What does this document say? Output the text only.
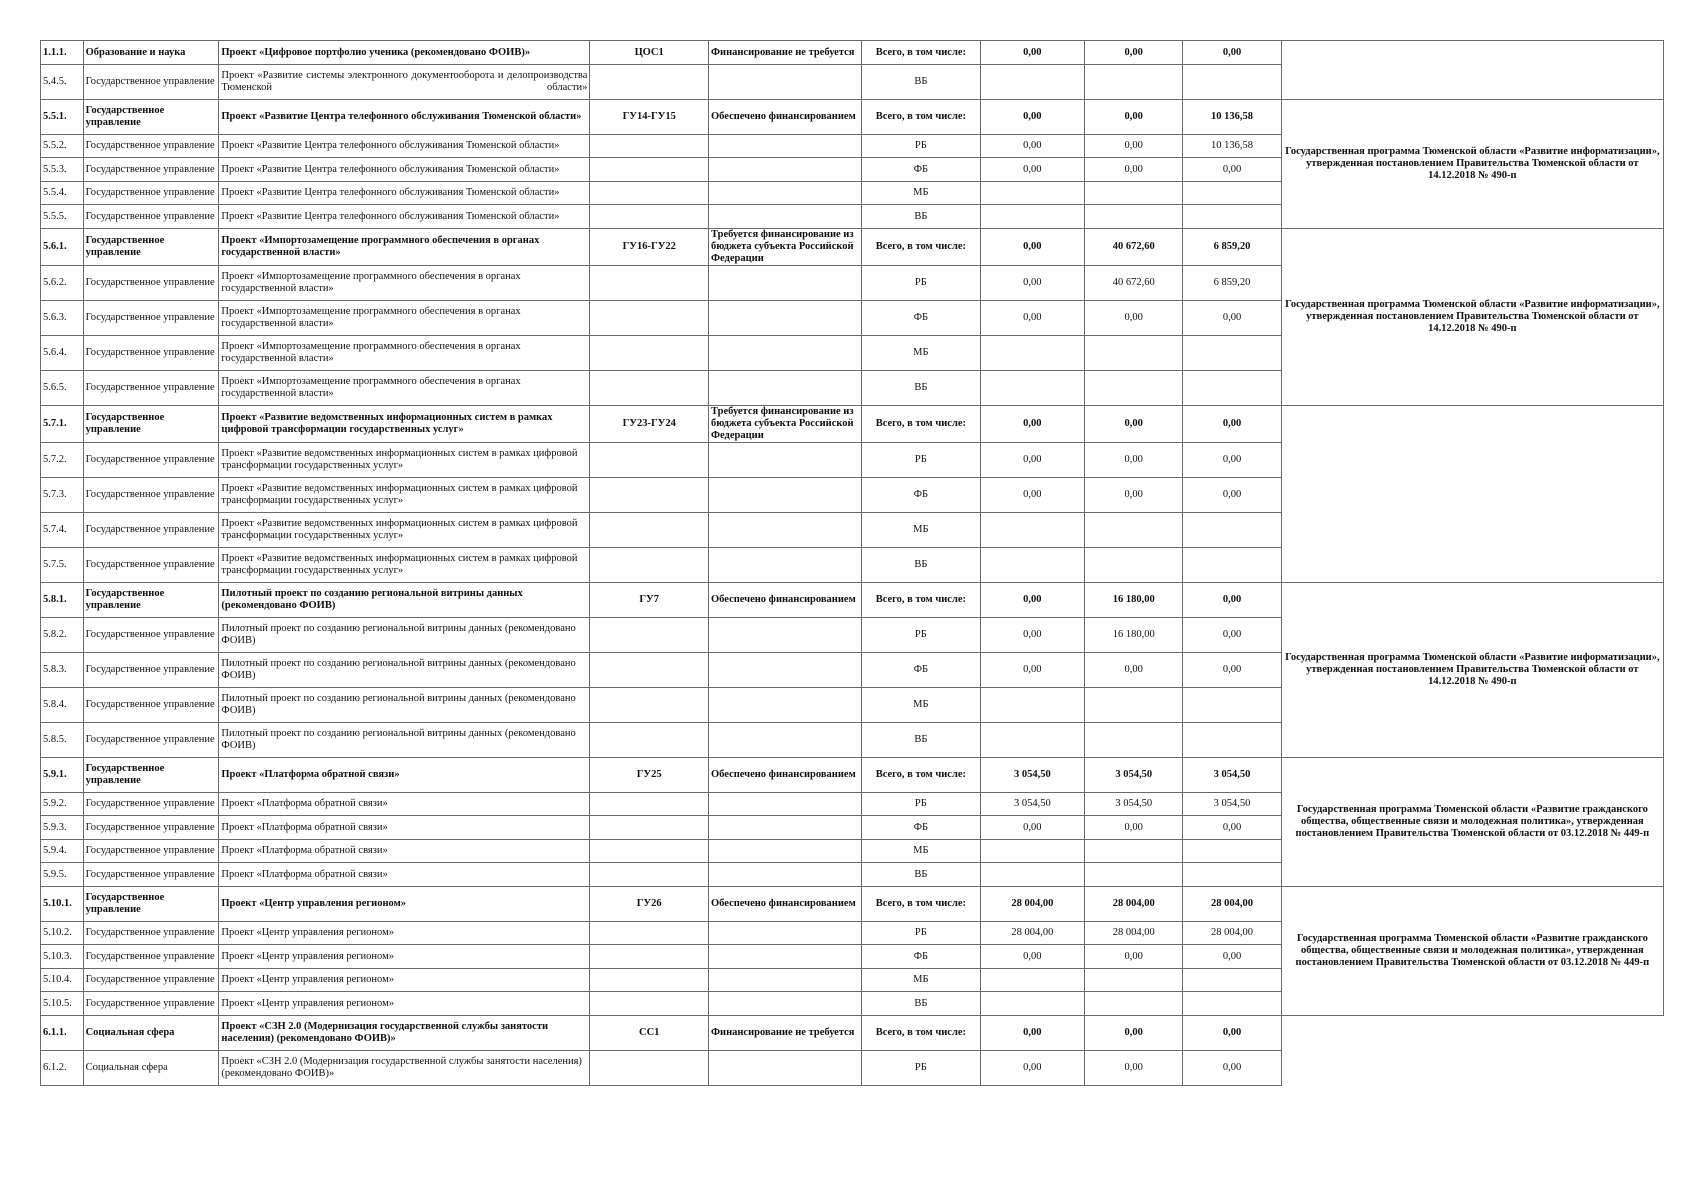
1.1.1.	Образование и наука	Проект «Цифровое портфолио ученика (рекомендовано ФОИВ)»	ЦОС1	Финансирование не требуется	Всего, в том числе:	0,00	0,00	0,00	
5.4.5.	Государственное управление	Проект «Развитие системы электронного документооборота и делопроизводства Тюменской области»			ВБ				
5.5.1.	Государственное управление	Проект «Развитие Центра телефонного обслуживания Тюменской области»	ГУ14-ГУ15	Обеспечено финансированием	Всего, в том числе:	0,00	0,00	10 136,58	Государственная программа Тюменской области «Развитие информатизации», утвержденная постановлением Правительства Тюменской области от 14.12.2018 № 490-п
5.5.2.	Государственное управление	Проект «Развитие Центра телефонного обслуживания Тюменской области»			РБ	0,00	0,00	10 136,58	
5.5.3.	Государственное управление	Проект «Развитие Центра телефонного обслуживания Тюменской области»			ФБ	0,00	0,00	0,00	
5.5.4.	Государственное управление	Проект «Развитие Центра телефонного обслуживания Тюменской области»			МБ				
5.5.5.	Государственное управление	Проект «Развитие Центра телефонного обслуживания Тюменской области»			ВБ				
5.6.1.	Государственное управление	Проект «Импортозамещение программного обеспечения в органах государственной власти»	ГУ16-ГУ22	Требуется финансирование из бюджета субъекта Российской Федерации	Всего, в том числе:	0,00	40 672,60	6 859,20	Государственная программа Тюменской области «Развитие информатизации», утвержденная постановлением Правительства Тюменской области от 14.12.2018 № 490-п
5.6.2.	Государственное управление	Проект «Импортозамещение программного обеспечения в органах государственной власти»			РБ	0,00	40 672,60	6 859,20	
5.6.3.	Государственное управление	Проект «Импортозамещение программного обеспечения в органах государственной власти»			ФБ	0,00	0,00	0,00	
5.6.4.	Государственное управление	Проект «Импортозамещение программного обеспечения в органах государственной власти»			МБ				
5.6.5.	Государственное управление	Проект «Импортозамещение программного обеспечения в органах государственной власти»			ВБ				
5.7.1.	Государственное управление	Проект «Развитие ведомственных информационных систем в рамках цифровой трансформации государственных услуг»	ГУ23-ГУ24	Требуется финансирование из бюджета субъекта Российской Федерации	Всего, в том числе:	0,00	0,00	0,00	
5.7.2.	Государственное управление	Проект «Развитие ведомственных информационных систем в рамках цифровой трансформации государственных услуг»			РБ	0,00	0,00	0,00	
5.7.3.	Государственное управление	Проект «Развитие ведомственных информационных систем в рамках цифровой трансформации государственных услуг»			ФБ	0,00	0,00	0,00	
5.7.4.	Государственное управление	Проект «Развитие ведомственных информационных систем в рамках цифровой трансформации государственных услуг»			МБ				
5.7.5.	Государственное управление	Проект «Развитие ведомственных информационных систем в рамках цифровой трансформации государственных услуг»			ВБ				
5.8.1.	Государственное управление	Пилотный проект по созданию региональной витрины данных (рекомендовано ФОИВ)	ГУ7	Обеспечено финансированием	Всего, в том числе:	0,00	16 180,00	0,00	Государственная программа Тюменской области «Развитие информатизации», утвержденная постановлением Правительства Тюменской области от 14.12.2018 № 490-п
5.8.2.	Государственное управление	Пилотный проект по созданию региональной витрины данных (рекомендовано ФОИВ)			РБ	0,00	16 180,00	0,00	
5.8.3.	Государственное управление	Пилотный проект по созданию региональной витрины данных (рекомендовано ФОИВ)			ФБ	0,00	0,00	0,00	
5.8.4.	Государственное управление	Пилотный проект по созданию региональной витрины данных (рекомендовано ФОИВ)			МБ				
5.8.5.	Государственное управление	Пилотный проект по созданию региональной витрины данных (рекомендовано ФОИВ)			ВБ				
5.9.1.	Государственное управление	Проект «Платформа обратной связи»	ГУ25	Обеспечено финансированием	Всего, в том числе:	3 054,50	3 054,50	3 054,50	Государственная программа Тюменской области «Развитие гражданского общества, общественные связи и молодежная политика», утвержденная постановлением Правительства Тюменской области от 03.12.2018 № 449-п
5.9.2.	Государственное управление	Проект «Платформа обратной связи»			РБ	3 054,50	3 054,50	3 054,50	
5.9.3.	Государственное управление	Проект «Платформа обратной связи»			ФБ	0,00	0,00	0,00	
5.9.4.	Государственное управление	Проект «Платформа обратной связи»			МБ				
5.9.5.	Государственное управление	Проект «Платформа обратной связи»			ВБ				
5.10.1.	Государственное управление	Проект «Центр управления регионом»	ГУ26	Обеспечено финансированием	Всего, в том числе:	28 004,00	28 004,00	28 004,00	Государственная программа Тюменской области «Развитие гражданского общества, общественные связи и молодежная политика», утвержденная постановлением Правительства Тюменской области от 03.12.2018 № 449-п
5.10.2.	Государственное управление	Проект «Центр управления регионом»			РБ	28 004,00	28 004,00	28 004,00	
5.10.3.	Государственное управление	Проект «Центр управления регионом»			ФБ	0,00	0,00	0,00	
5.10.4.	Государственное управление	Проект «Центр управления регионом»			МБ				
5.10.5.	Государственное управление	Проект «Центр управления регионом»			ВБ				
6.1.1.	Социальная сфера	Проект «СЗН 2.0 (Модернизация государственной службы занятости населения) (рекомендовано ФОИВ)»	СС1	Финансирование не требуется	Всего, в том числе:	0,00	0,00	0,00	
6.1.2.	Социальная сфера	Проект «СЗН 2.0 (Модернизация государственной службы занятости населения) (рекомендовано ФОИВ)»			РБ	0,00	0,00	0,00	
